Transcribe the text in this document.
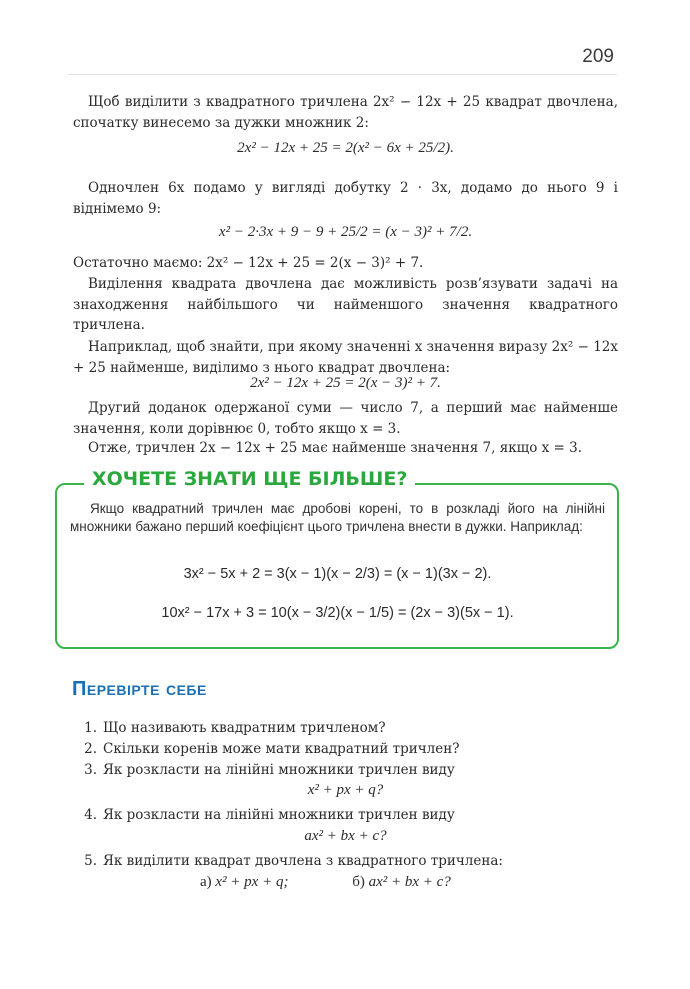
209

Щоб виділити з квадратного тричлена 2x² − 12x + 25 квадрат двочлена, спочатку винесемо за дужки множник 2:

2x² − 12x + 25 = 2(x² − 6x + 25/2).

Одночлен 6x подамо у вигляді добутку 2 · 3x, додамо до нього 9 і віднімемо 9:

x² − 2·3x + 9 − 9 + 25/2 = (x − 3)² + 7/2.

Остаточно маємо: 2x² − 12x + 25 = 2(x − 3)² + 7.

Виділення квадрата двочлена дає можливість розв’язувати задачі на знаходження найбільшого чи найменшого значення квадратного тричлена.

Наприклад, щоб знайти, при якому значенні x значення виразу 2x² − 12x + 25 найменше, виділимо з нього квадрат двочлена:

2x² − 12x + 25 = 2(x − 3)² + 7.

Другий доданок одержаної суми — число 7, а перший має найменше значення, коли дорівнює 0, тобто якщо x = 3.

Отже, тричлен 2x − 12x + 25 має найменше значення 7, якщо x = 3.

ХОЧЕТЕ ЗНАТИ ЩЕ БІЛЬШЕ?

Якщо квадратний тричлен має дробові корені, то в розкладі його на лінійні множники бажано перший коефіцієнт цього тричлена внести в дужки. Наприклад:

3x² − 5x + 2 = 3(x − 1)(x − 2/3) = (x − 1)(3x − 2).
10x² − 17x + 3 = 10(x − 3/2)(x − 1/5) = (2x − 3)(5x − 1).
Перевірте себе

1. Що називають квадратним тричленом?

2. Скільки коренів може мати квадратний тричлен?

3. Як розкласти на лінійні множники тричлен виду

x² + px + q?

4. Як розкласти на лінійні множники тричлен виду

ax² + bx + c?

5. Як виділити квадрат двочлена з квадратного тричлена:

а) x² + px + q;	б) ax² + bx + c?
